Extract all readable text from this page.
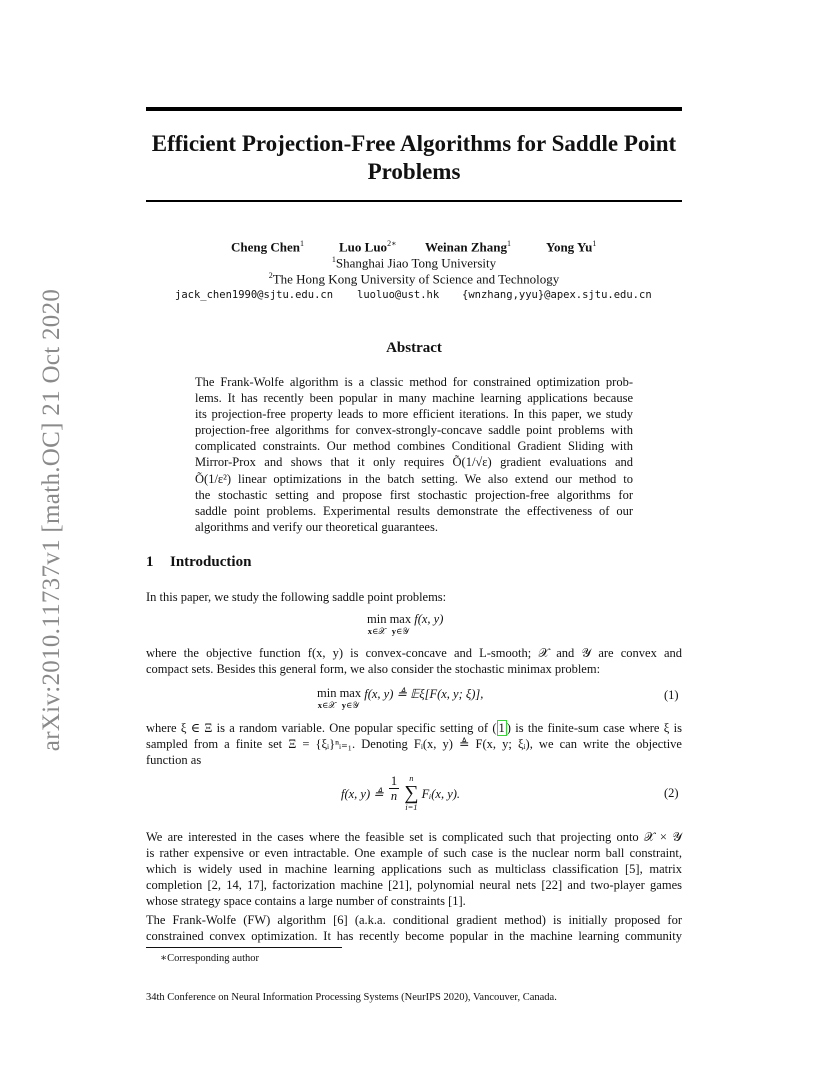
arXiv:2010.11737v1 [math.OC] 21 Oct 2020
Efficient Projection-Free Algorithms for Saddle Point
Problems
Cheng Chen$^1$	Luo Luo$^{2∗}$ Weinan Zhang$^1$	Yong Yu$^1$
$^1$Shanghai Jiao Tong University
$^2$The Hong Kong University of Science and Technology
jack_chen1990@sjtu.edu.cn luoluo@ust.hk {wnzhang,yyu}@apex.sjtu.edu.cn
Abstract
The Frank-Wolfe algorithm is a classic method for constrained optimization prob-
lems. It has recently been popular in many machine learning applications because
its projection-free property leads to more efficient iterations. In this paper, we study
projection-free algorithms for convex-strongly-concave saddle point problems with
complicated constraints. Our method combines Conditional Gradient Sliding with
Mirror-Prox and shows that it only requires Õ(1/√ε) gradient evaluations and
Õ(1/ε²) linear optimizations in the batch setting. We also extend our method to
the stochastic setting and propose first stochastic projection-free algorithms for
saddle point problems. Experimental results demonstrate the effectiveness of our
algorithms and verify our theoretical guarantees.
1 Introduction
In this paper, we study the following saddle point problems:
min
$^{x\in 𝒳}$ max
$^{y\in 𝒴}$ f(x, y)
where the objective function f(x, y) is convex-concave and L-smooth; 𝒳 and 𝒴 are convex and
compact sets. Besides this general form, we also consider the stochastic minimax problem:
min
$^{x\in 𝒳}$ max
$^{y\in 𝒴}$ f(x, y) ≜ 𝔼ξ[F(x, y; ξ)],	(1)
where ξ ∈ Ξ is a random variable. One popular specific setting of ( 1 ) is the finite-sum case where ξ is
sampled from a finite set Ξ = {ξᵢ}ⁿᵢ₌₁. Denoting Fᵢ(x, y) ≜ F(x, y; ξᵢ), we can write the objective
function as
f(x, y) ≜ $\frac{1}{n}$
	n
∑
i=1
Fᵢ(x, y).	(2)
We are interested in the cases where the feasible set is complicated such that projecting onto 𝒳 × 𝒴
is rather expensive or even intractable. One example of such case is the nuclear norm ball constraint,
which is widely used in machine learning applications such as multiclass classification [5], matrix
completion [2, 14, 17], factorization machine [21], polynomial neural nets [22] and two-player games
whose strategy space contains a large number of constraints [1].
The Frank-Wolfe (FW) algorithm [6] (a.k.a. conditional gradient method) is initially proposed for
constrained convex optimization. It has recently become popular in the machine learning community
∗Corresponding author
34th Conference on Neural Information Processing Systems (NeurIPS 2020), Vancouver, Canada.
